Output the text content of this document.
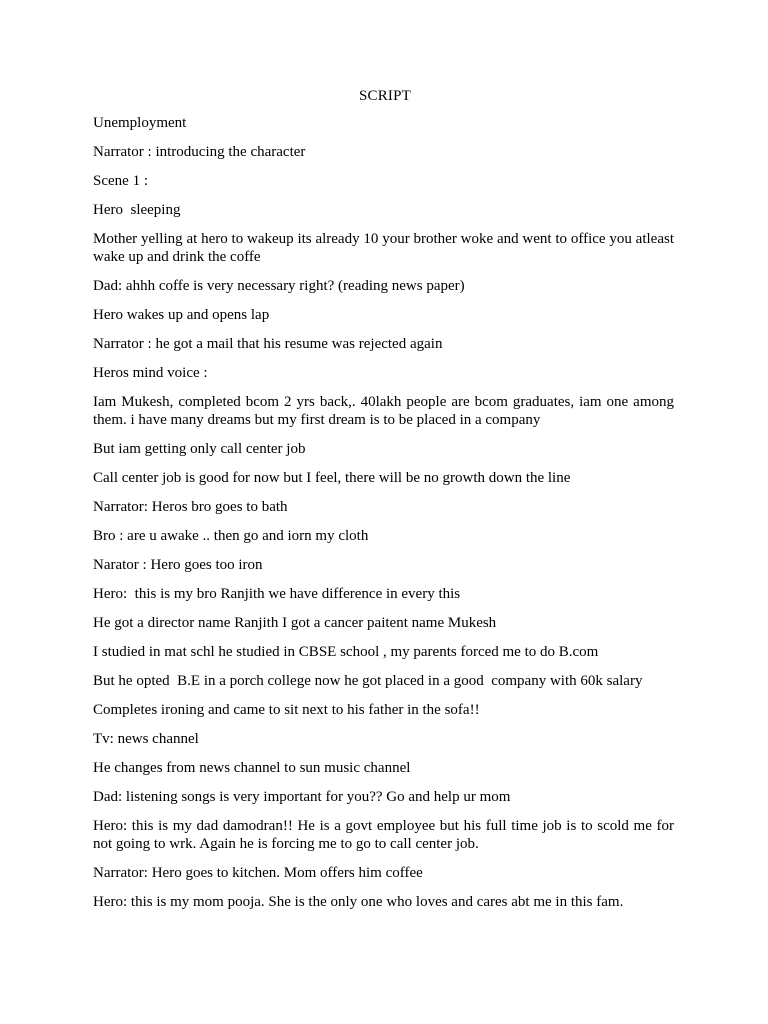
SCRIPT

Unemployment

Narrator : introducing the character

Scene 1 :

Hero  sleeping

Mother yelling at hero to wakeup its already 10 your brother woke and went to office you atleast wake up and drink the coffe

Dad: ahhh coffe is very necessary right? (reading news paper)

Hero wakes up and opens lap

Narrator : he got a mail that his resume was rejected again

Heros mind voice :

Iam Mukesh, completed bcom 2 yrs back,. 40lakh people are bcom graduates, iam one among them. i have many dreams but my first dream is to be placed in a company

But iam getting only call center job

Call center job is good for now but I feel, there will be no growth down the line

Narrator: Heros bro goes to bath

Bro : are u awake .. then go and iorn my cloth

Narator : Hero goes too iron

Hero:  this is my bro Ranjith we have difference in every this

He got a director name Ranjith I got a cancer paitent name Mukesh

I studied in mat schl he studied in CBSE school , my parents forced me to do B.com

But he opted  B.E in a porch college now he got placed in a good  company with 60k salary

Completes ironing and came to sit next to his father in the sofa!!

Tv: news channel

He changes from news channel to sun music channel

Dad: listening songs is very important for you?? Go and help ur mom

Hero: this is my dad damodran!! He is a govt employee but his full time job is to scold me for not going to wrk. Again he is forcing me to go to call center job.

Narrator: Hero goes to kitchen. Mom offers him coffee

Hero: this is my mom pooja. She is the only one who loves and cares abt me in this fam.
